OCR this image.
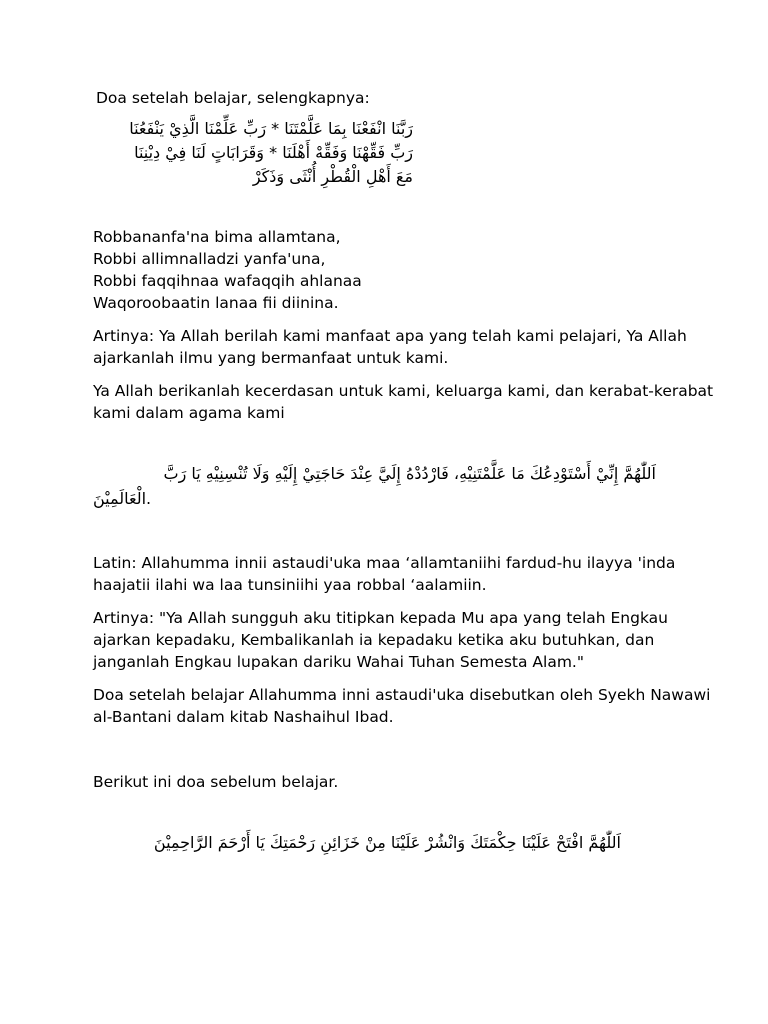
Doa setelah belajar, selengkapnya:
رَبَّنَا انْفَعْنَا بِمَا عَلَّمْتَنَا * رَبِّ عَلِّمْنَا الَّذِيْ يَنْفَعُنَا
رَبِّ فَقِّهْنَا وَفَقِّهْ أَهْلَنَا * وَقَرَابَاتٍ لَنَا فِيْ دِيْنِنَا
مَعَ أَهْلِ الْقُطْرِ أُنْثَى وَذَكَرْ
Robbananfa'na bima allamtana,
Robbi allimnalladzi yanfa'una,
Robbi faqqihnaa wafaqqih ahlanaa
Waqoroobaatin lanaa fii diinina.
Artinya: Ya Allah berilah kami manfaat apa yang telah kami pelajari, Ya Allah
ajarkanlah ilmu yang bermanfaat untuk kami.
Ya Allah berikanlah kecerdasan untuk kami, keluarga kami, dan kerabat-kerabat
kami dalam agama kami
اَللّٰهُمَّ إِنِّيْ أَسْتَوْدِعُكَ مَا عَلَّمْتَنِيْهِ، فَارْدُدْهُ إِلَيَّ عِنْدَ حَاجَتِيْ إِلَيْهِ وَلَا تُنْسِنِيْهِ يَا رَبَّ
الْعَالَمِيْنَ.
Latin: Allahumma innii astaudi'uka maa ‘allamtaniihi fardud-hu ilayya 'inda
haajatii ilahi wa laa tunsiniihi yaa robbal ‘aalamiin.
Artinya: "Ya Allah sungguh aku titipkan kepada Mu apa yang telah Engkau
ajarkan kepadaku, Kembalikanlah ia kepadaku ketika aku butuhkan, dan
janganlah Engkau lupakan dariku Wahai Tuhan Semesta Alam."
Doa setelah belajar Allahumma inni astaudi'uka disebutkan oleh Syekh Nawawi
al-Bantani dalam kitab Nashaihul Ibad.
Berikut ini doa sebelum belajar.
اَللّٰهُمَّ افْتَحْ عَلَيْنَا حِكْمَتَكَ وَانْشُرْ عَلَيْنَا مِنْ خَزَائِنِ رَحْمَتِكَ يَا أَرْحَمَ الرَّاحِمِيْنَ
